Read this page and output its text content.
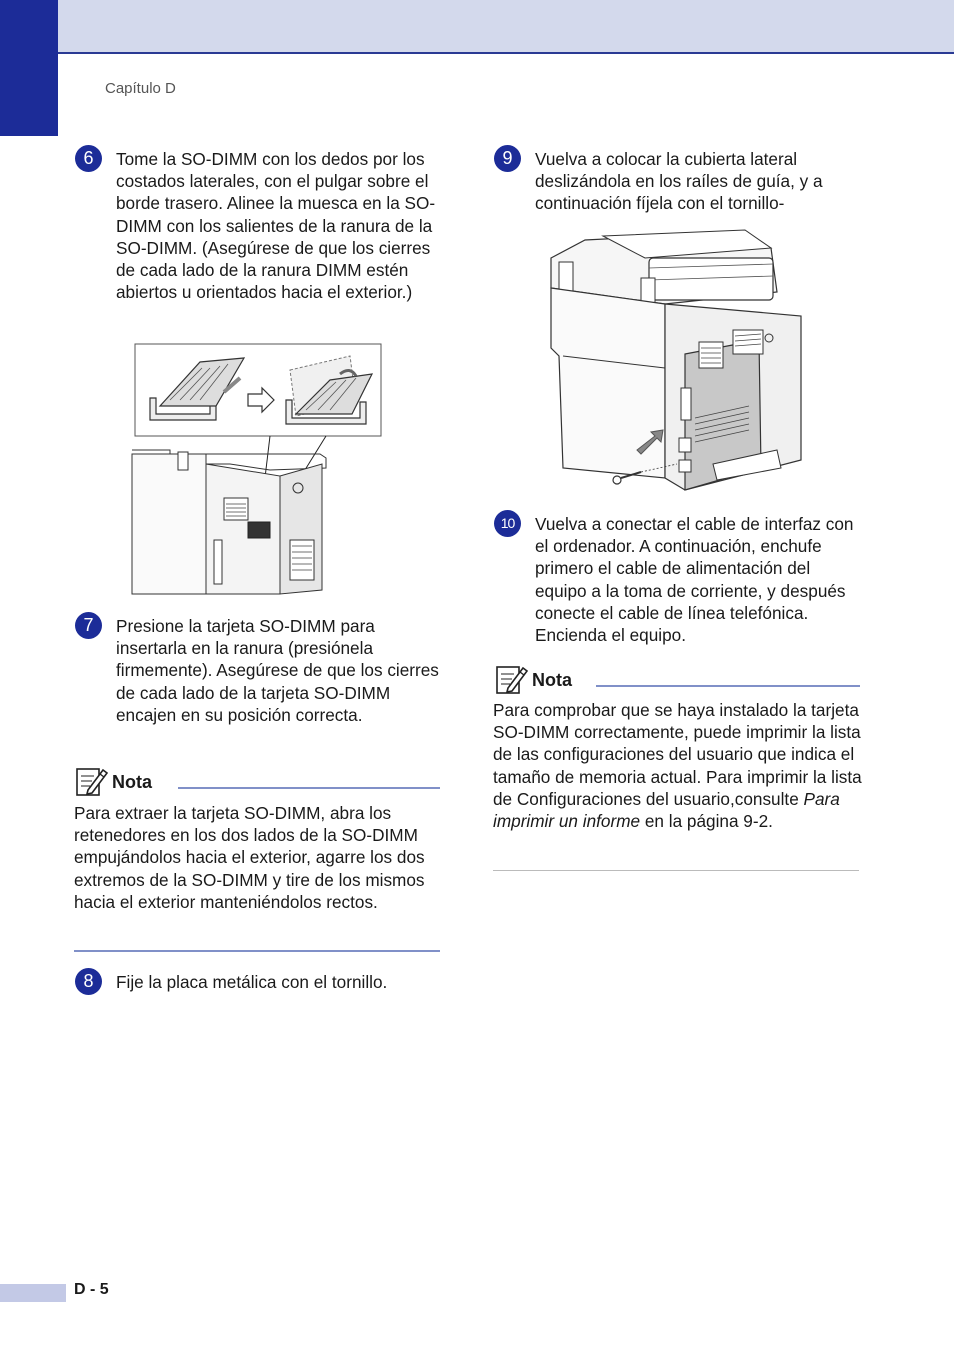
Capítulo D
6	Tome la SO-DIMM con los dedos por los costados laterales, con el pulgar sobre el borde trasero. Alinee la muesca en la SO-DIMM con los salientes de la ranura de la SO-DIMM. (Asegúrese de que los cierres de cada lado de la ranura DIMM estén abiertos u orientados hacia el exterior.)

7	Presione la tarjeta SO-DIMM para insertarla en la ranura (presiónela firmemente). Asegúrese de que los cierres de cada lado de la tarjeta SO-DIMM encajen en su posición correcta.

Nota

Para extraer la tarjeta SO-DIMM, abra los retenedores en los dos lados de la SO-DIMM empujándolos hacia el exterior, agarre los dos extremos de la SO-DIMM y tire de los mismos hacia el exterior manteniéndolos rectos.

8	Fije la placa metálica con el tornillo.

9	Vuelva a colocar la cubierta lateral deslizándola en los raíles de guía, y a continuación fíjela con el tornillo-

10	Vuelva a conectar el cable de interfaz con el ordenador. A continuación, enchufe primero el cable de alimentación del equipo a la toma de corriente, y después conecte el cable de línea telefónica. Encienda el equipo.

Nota

Para comprobar que se haya instalado la tarjeta SO-DIMM correctamente, puede imprimir la lista de las configuraciones del usuario que indica el tamaño de memoria actual. Para imprimir la lista de Configuraciones del usuario,consulte Para imprimir un informe en la página 9-2.

D - 5
